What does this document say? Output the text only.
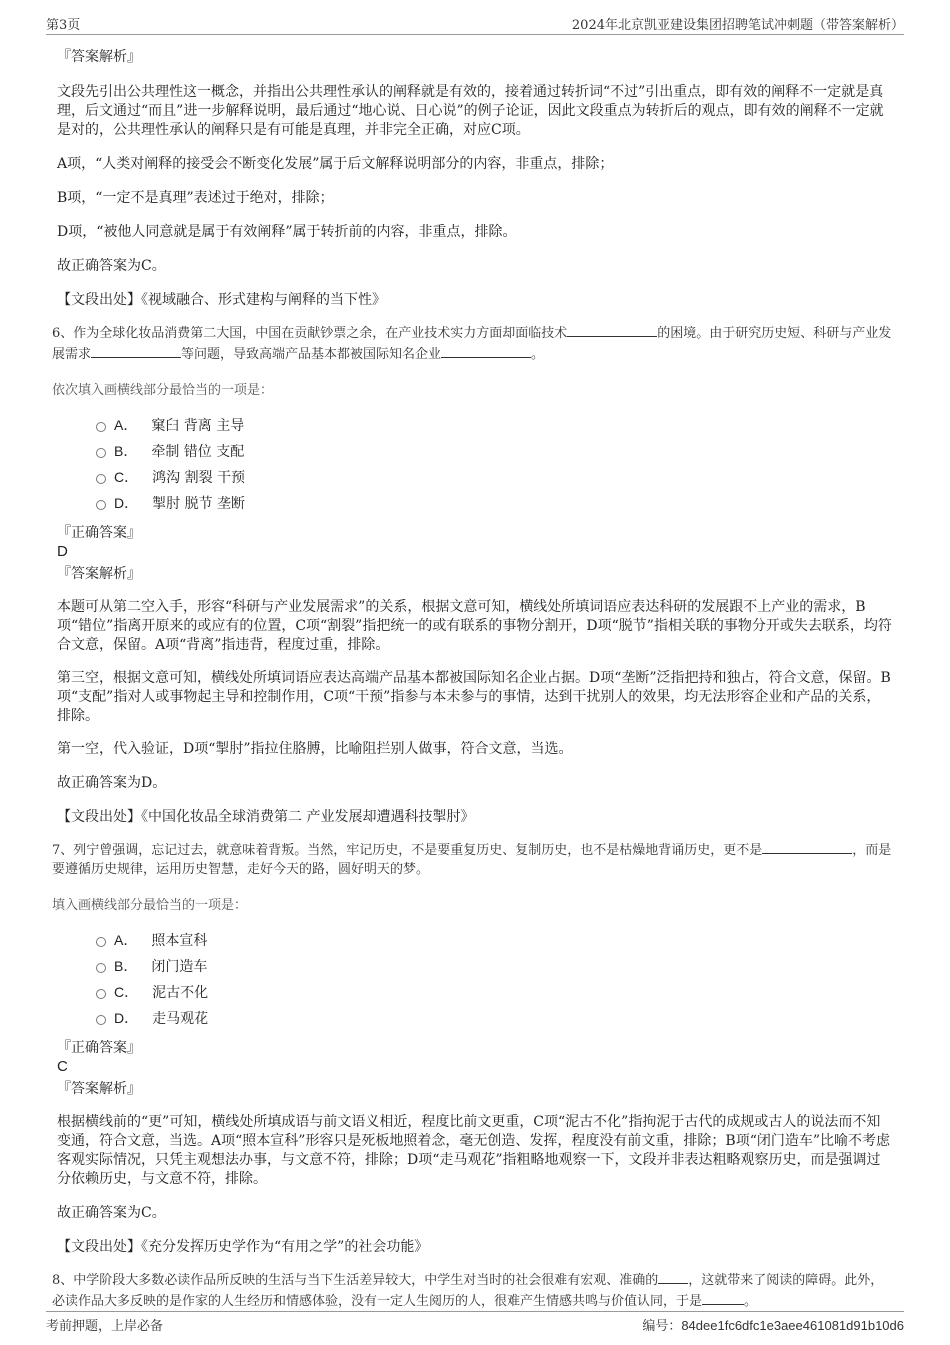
第3页	2024年北京凯亚建设集团招聘笔试冲刺题（带答案解析）
『答案解析』

文段先引出公共理性这一概念，并指出公共理性承认的阐释就是有效的，接着通过转折词“不过”引出重点，即有效的阐释不一定就是真理，后文通过“而且”进一步解释说明，最后通过“地心说、日心说”的例子论证，因此文段重点为转折后的观点，即有效的阐释不一定就是对的，公共理性承认的阐释只是有可能是真理，并非完全正确，对应C项。

A项，“人类对阐释的接受会不断变化发展”属于后文解释说明部分的内容，非重点，排除；

B项，“一定不是真理”表述过于绝对，排除；

D项，“被他人同意就是属于有效阐释”属于转折前的内容，非重点，排除。

故正确答案为C。

【文段出处】《视域融合、形式建构与阐释的当下性》

6、作为全球化妆品消费第二大国，中国在贡献钞票之余，在产业技术实力方面却面临技术	的困境。由于研究历史短、科研与产业发展需求	等问题，导致高端产品基本都被国际知名企业	。
依次填入画横线部分最恰当的一项是：
A． 窠臼 背离 主导
B． 牵制 错位 支配
C． 鸿沟 割裂 干预
D． 掣肘 脱节 垄断
『正确答案』

D

『答案解析』

本题可从第二空入手，形容“科研与产业发展需求”的关系，根据文意可知，横线处所填词语应表达科研的发展跟不上产业的需求，B项“错位”指离开原来的或应有的位置，C项“割裂”指把统一的或有联系的事物分割开，D项“脱节”指相关联的事物分开或失去联系，均符合文意，保留。A项“背离”指违背，程度过重，排除。

第三空，根据文意可知，横线处所填词语应表达高端产品基本都被国际知名企业占据。D项“垄断”泛指把持和独占，符合文意，保留。B项“支配”指对人或事物起主导和控制作用，C项“干预”指参与本未参与的事情，达到干扰别人的效果，均无法形容企业和产品的关系，排除。

第一空，代入验证，D项“掣肘”指拉住胳膊，比喻阻拦别人做事，符合文意，当选。

故正确答案为D。

【文段出处】《中国化妆品全球消费第二 产业发展却遭遇科技掣肘》

7、列宁曾强调，忘记过去，就意味着背叛。当然，牢记历史，不是要重复历史、复制历史，也不是枯燥地背诵历史，更不是	，而是要遵循历史规律，运用历史智慧，走好今天的路，圆好明天的梦。
填入画横线部分最恰当的一项是：
A． 照本宣科
B． 闭门造车
C． 泥古不化
D． 走马观花
『正确答案』

C

『答案解析』

根据横线前的“更”可知，横线处所填成语与前文语义相近，程度比前文更重，C项“泥古不化”指拘泥于古代的成规或古人的说法而不知变通，符合文意，当选。A项“照本宣科”形容只是死板地照着念，毫无创造、发挥，程度没有前文重，排除；B项“闭门造车”比喻不考虑客观实际情况，只凭主观想法办事，与文意不符，排除；D项“走马观花”指粗略地观察一下，文段并非表达粗略观察历史，而是强调过分依赖历史，与文意不符，排除。

故正确答案为C。

【文段出处】《充分发挥历史学作为“有用之学”的社会功能》

8、中学阶段大多数必读作品所反映的生活与当下生活差异较大，中学生对当时的社会很难有宏观、准确的 ，这就带来了阅读的障碍。此外，必读作品大多反映的是作家的人生经历和情感体验，没有一定人生阅历的人，很难产生情感共鸣与价值认同，于是	。
考前押题，上岸必备	编号：84dee1fc6dfc1e3aee461081d91b10d6
